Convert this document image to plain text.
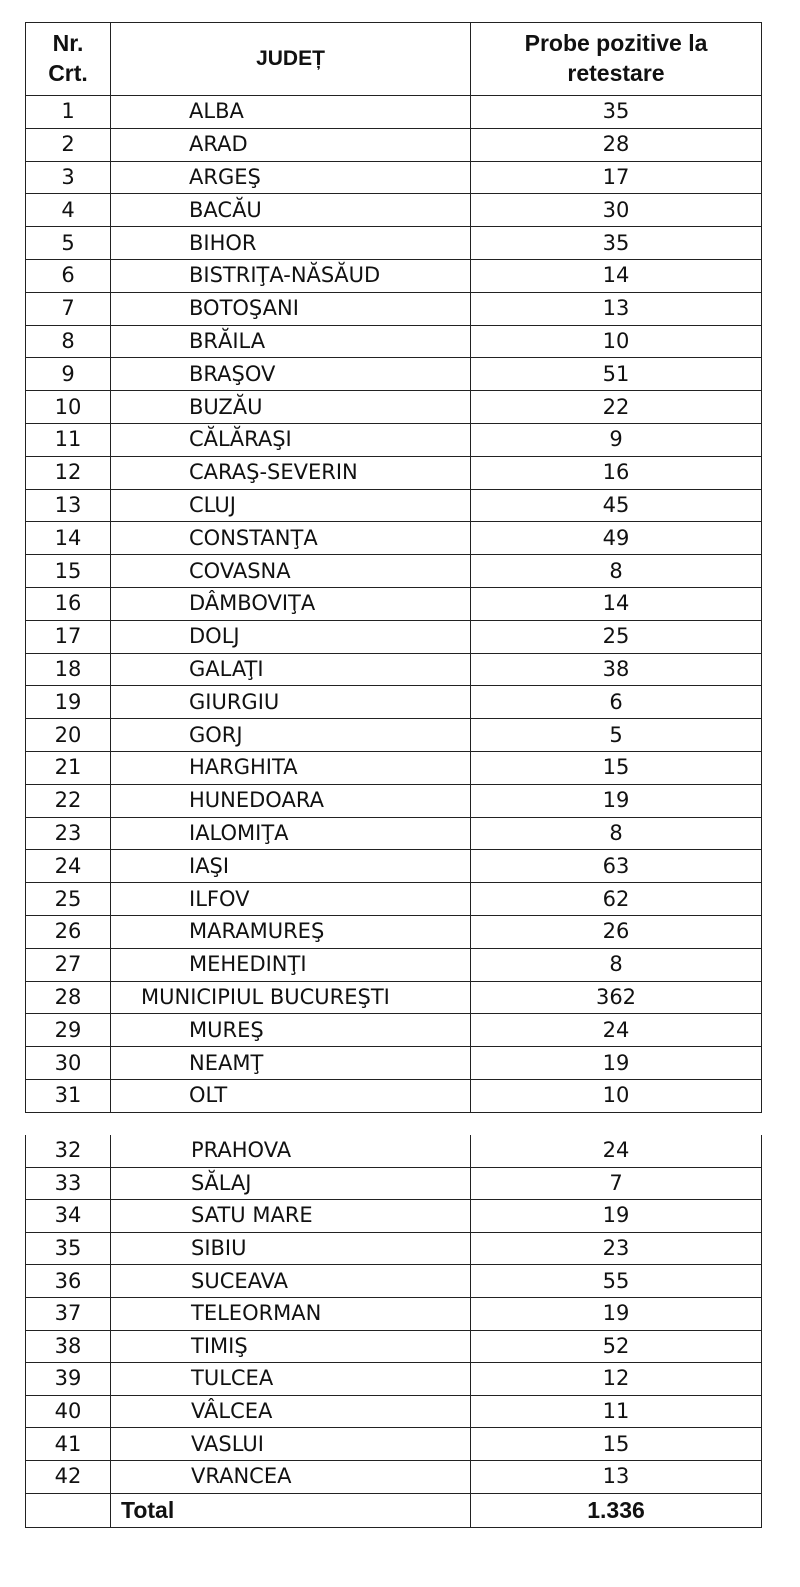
Nr. Crt.	JUDEȚ	Probe pozitive la retestare
1	ALBA	35
2	ARAD	28
3	ARGEŞ	17
4	BACĂU	30
5	BIHOR	35
6	BISTRIŢA-NĂSĂUD	14
7	BOTOŞANI	13
8	BRĂILA	10
9	BRAŞOV	51
10	BUZĂU	22
11	CĂLĂRAŞI	9
12	CARAŞ-SEVERIN	16
13	CLUJ	45
14	CONSTANŢA	49
15	COVASNA	8
16	DÂMBOVIŢA	14
17	DOLJ	25
18	GALAŢI	38
19	GIURGIU	6
20	GORJ	5
21	HARGHITA	15
22	HUNEDOARA	19
23	IALOMIŢA	8
24	IAŞI	63
25	ILFOV	62
26	MARAMUREŞ	26
27	MEHEDINŢI	8
28	MUNICIPIUL BUCUREŞTI	362
29	MUREŞ	24
30	NEAMŢ	19
31	OLT	10
32	PRAHOVA	24
33	SĂLAJ	7
34	SATU MARE	19
35	SIBIU	23
36	SUCEAVA	55
37	TELEORMAN	19
38	TIMIŞ	52
39	TULCEA	12
40	VÂLCEA	11
41	VASLUI	15
42	VRANCEA	13
	Total	1.336
